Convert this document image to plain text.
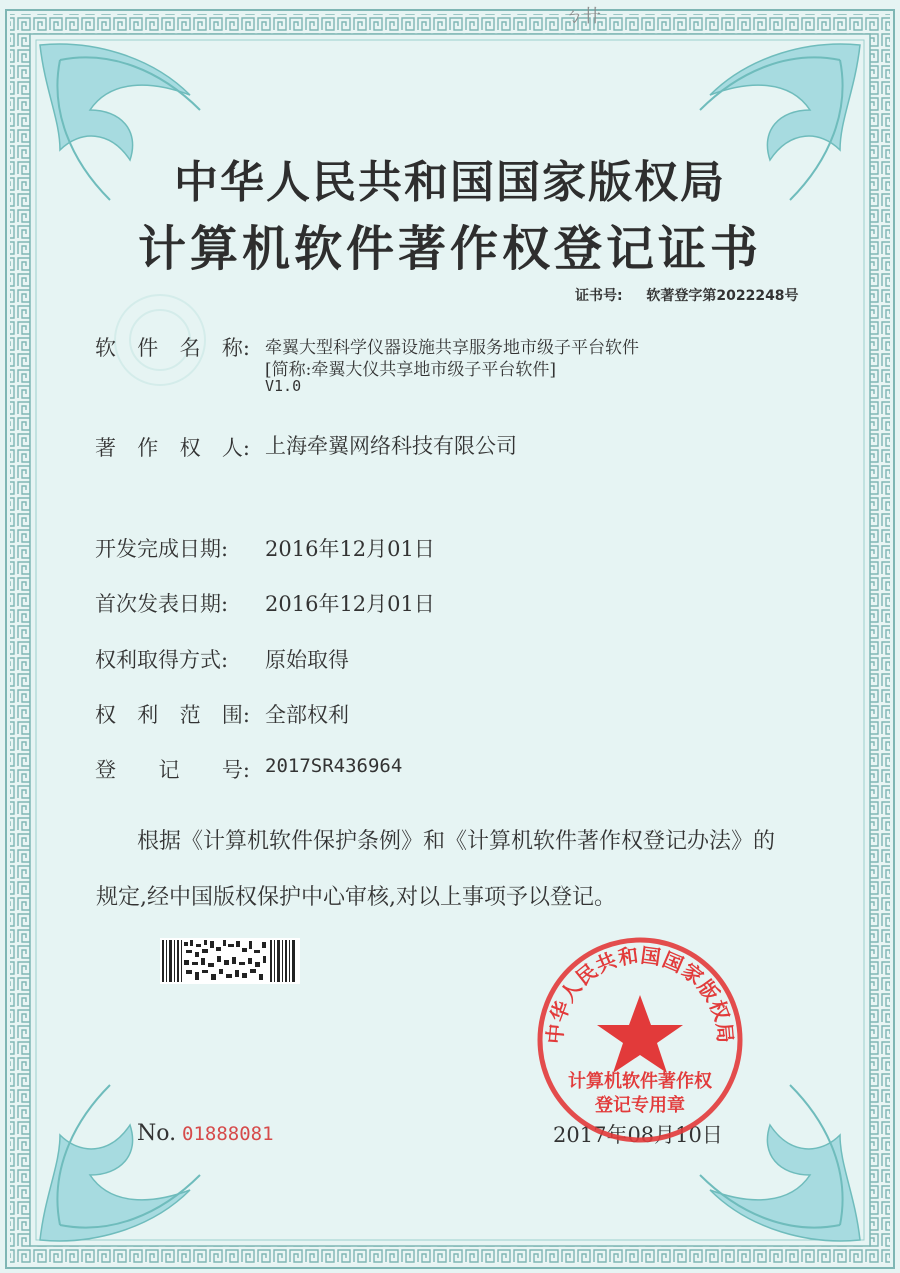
ㄅ卄
中华人民共和国国家版权局
计算机软件著作权登记证书
证书号: 软著登字第2022248号
软 件 名 称: 牵翼大型科学仪器设施共享服务地市级子平台软件
[简称:牵翼大仪共享地市级子平台软件]
V1.0
著 作 权 人: 上海牵翼网络科技有限公司
开发完成日期:	2016年12月01日
首次发表日期:	2016年12月01日
权利取得方式:	原始取得
权 利 范 围: 全部权利
登 记 号: 2017SR436964
根据《计算机软件保护条例》和《计算机软件著作权登记办法》的
规定,经中国版权保护中心审核,对以上事项予以登记。
No. 01888081	2017年08月10日
中华人民共和国国家版权局
计算机软件著作权
登记专用章
